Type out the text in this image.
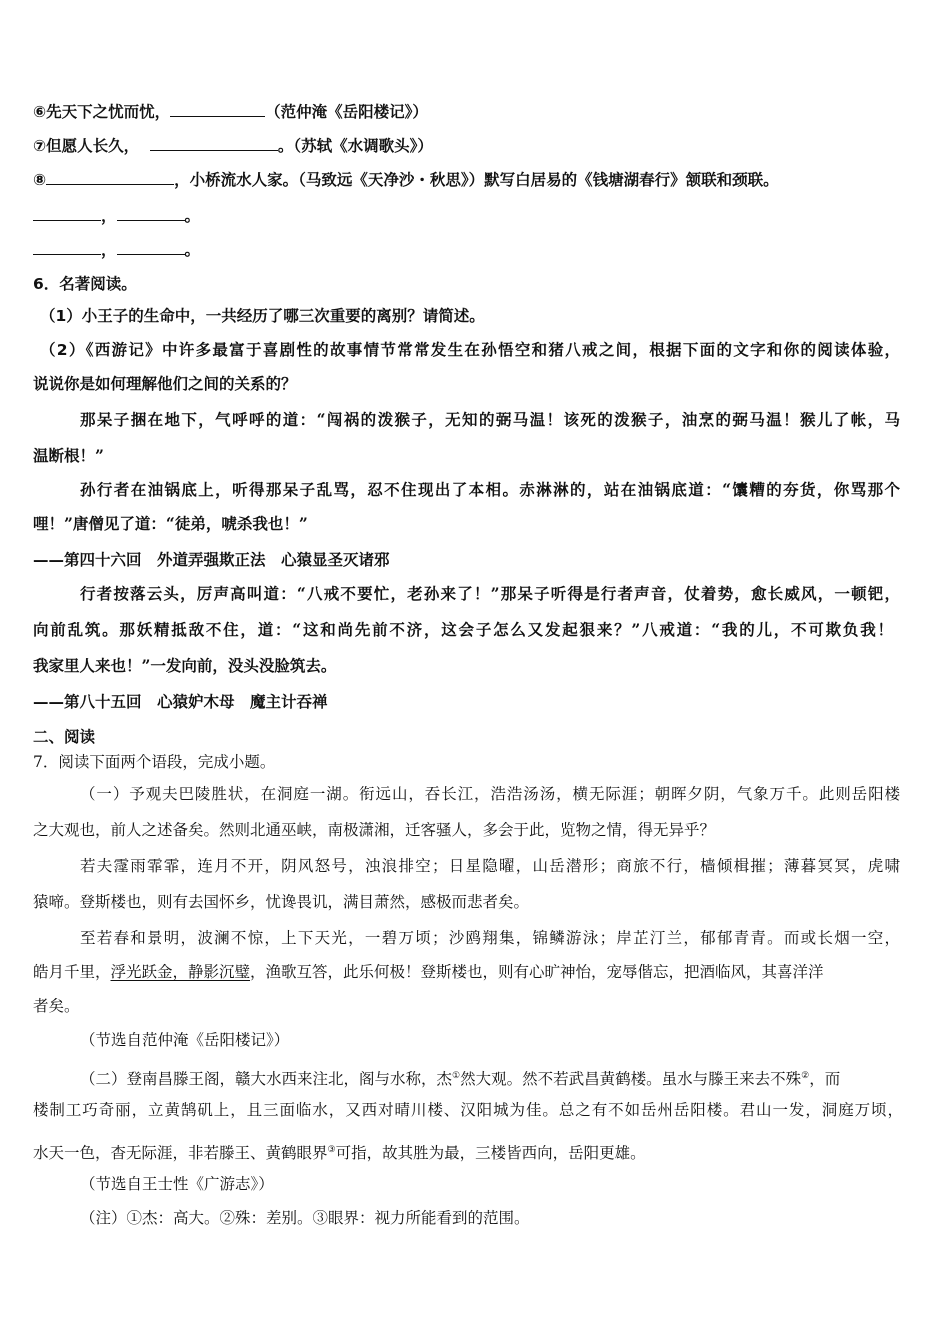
⑥先天下之忧而忧，	（范仲淹《岳阳楼记》）
⑦但愿人长久，	。（苏轼《水调歌头》）
⑧	，小桥流水人家。（马致远《天净沙・秋思》）默写白居易的《钱塘湖春行》颔联和颈联。
，	。
，	。
6．名著阅读。
（1）小王子的生命中，一共经历了哪三次重要的离别？请简述。
（2）《西游记》中许多最富于喜剧性的故事情节常常发生在孙悟空和猪八戒之间，根据下面的文字和你的阅读体验，
说说你是如何理解他们之间的关系的？
那呆子捆在地下，气呼呼的道：“闯祸的泼猴子，无知的弼马温！该死的泼猴子，油烹的弼马温！猴儿了帐，马
温断根！”
孙行者在油锅底上，听得那呆子乱骂，忍不住现出了本相。赤淋淋的，站在油锅底道：“馕糟的夯货，你骂那个
哩！”唐僧见了道：“徒弟，唬杀我也！”
——第四十六回　外道弄强欺正法　心猿显圣灭诸邪
行者按落云头，厉声高叫道：“八戒不要忙，老孙来了！”那呆子听得是行者声音，仗着势，愈长威风，一顿钯，
向前乱筑。那妖精抵敌不住，道：“这和尚先前不济，这会子怎么又发起狠来？”八戒道：“我的儿，不可欺负我！
我家里人来也！”一发向前，没头没脸筑去。
——第八十五回　心猿妒木母　魔主计吞禅
二、阅读
7．阅读下面两个语段，完成小题。
（一）予观夫巴陵胜状，在洞庭一湖。衔远山，吞长江，浩浩汤汤，横无际涯；朝晖夕阴，气象万千。此则岳阳楼
之大观也，前人之述备矣。然则北通巫峡，南极潇湘，迁客骚人，多会于此，览物之情，得无异乎？
若夫霪雨霏霏，连月不开，阴风怒号，浊浪排空；日星隐曜，山岳潜形；商旅不行，樯倾楫摧；薄暮冥冥，虎啸
猿啼。登斯楼也，则有去国怀乡，忧谗畏讥，满目萧然，感极而悲者矣。
至若春和景明，波澜不惊，上下天光，一碧万顷；沙鸥翔集，锦鳞游泳；岸芷汀兰，郁郁青青。而或长烟一空，
皓月千里，浮光跃金，静影沉璧，渔歌互答，此乐何极！登斯楼也，则有心旷神怡，宠辱偕忘，把酒临风，其喜洋洋
者矣。
（节选自范仲淹《岳阳楼记》）
（二）登南昌滕王阁，赣大水西来注北，阁与水称，杰①然大观。然不若武昌黄鹤楼。虽水与滕王来去不殊②，而
楼制工巧奇丽，立黄鹄矶上，且三面临水，又西对晴川楼、汉阳城为佳。总之有不如岳州岳阳楼。君山一发，洞庭万顷，
水天一色，杳无际涯，非若滕王、黄鹤眼界③可指，故其胜为最，三楼皆西向，岳阳更雄。
（节选自王士性《广游志》）
（注）①杰：高大。②殊：差别。③眼界：视力所能看到的范围。
